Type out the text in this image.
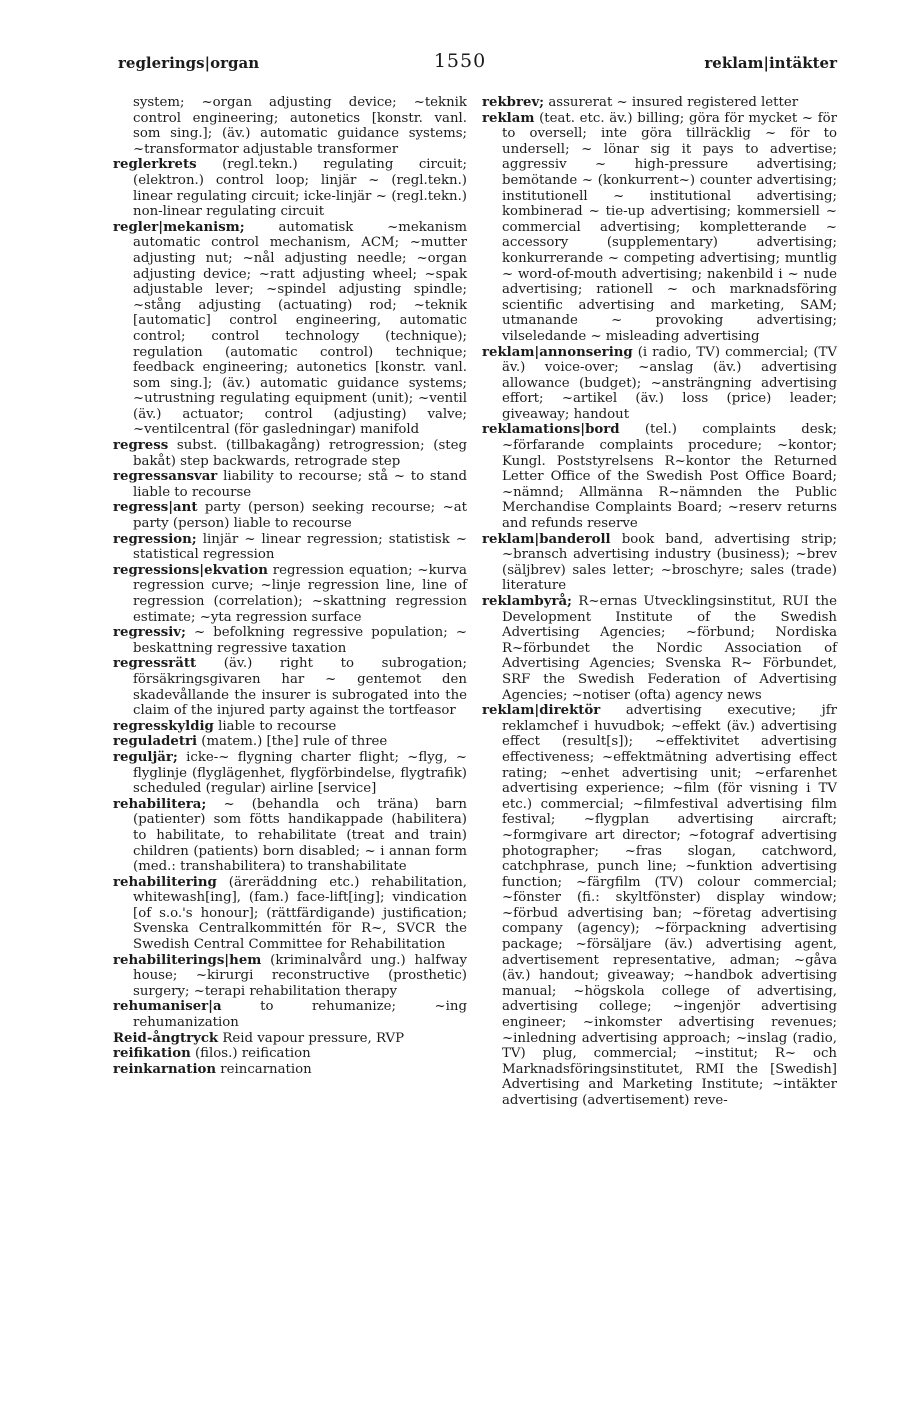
reglerings|organ	1550	reklam|intäkter

system; ~organ adjusting device; ~teknik control engineering; autonetics [konstr. vanl. som sing.]; (äv.) automatic guidance systems; ~transformator adjustable transformer

reglerkrets (regl.tekn.) regulating circuit; (elektron.) control loop; linjär ~ (regl.tekn.) linear regulating circuit; icke-linjär ~ (regl.tekn.) non-linear regulating circuit

regler|mekanism;	automatisk ~mekanism automatic control mechanism, ACM; ~mutter adjusting nut; ~nål adjusting needle; ~organ adjusting device; ~ratt adjusting wheel; ~spak adjustable lever; ~spindel adjusting spindle; ~stång adjusting (actuating) rod; ~teknik [automatic] control engineering, automatic control; control technology (technique); regulation (automatic control) technique; feedback engineering; autonetics [konstr. vanl. som sing.]; (äv.) automatic guidance systems; ~utrustning regulating equipment (unit); ~ventil (äv.) actuator; control (adjusting) valve; ~ventilcentral (för gasledningar) manifold

regress subst. (tillbakagång) retrogression; (steg bakåt) step backwards, retrograde step

regressansvar liability to recourse; stå ~ to stand liable to recourse

regress|ant party (person) seeking recourse; ~at party (person) liable to recourse

regression; linjär ~ linear regression; statistisk ~ statistical regression

regressions|ekvation regression equation; ~kurva regression curve; ~linje regression line, line of regression (correlation); ~skattning regression estimate; ~yta regression surface

regressiv; ~ befolkning regressive population; ~ beskattning regressive taxation

regressrätt (äv.) right to subrogation; försäkringsgivaren har ~ gentemot den skadevållande the insurer is subrogated into the claim of the injured party against the tortfeasor

regresskyldig liable to recourse

reguladetri (matem.) [the] rule of three

reguljär; icke-~ flygning charter flight; ~flyg, ~ flyglinje (flyglägenhet, flygförbindelse, flygtrafik) scheduled (regular) airline [service]

rehabilitera; ~ (behandla och träna) barn (patienter) som fötts handikappade (habilitera) to habilitate, to rehabilitate (treat and train) children (patients) born disabled; ~ i annan form (med.: transhabilitera) to transhabilitate

rehabilitering (äreräddning etc.) rehabilitation, whitewash[ing], (fam.) face-lift[ing]; vindication [of s.o.'s honour]; (rättfärdigande) justification; Svenska Centralkommittén för R~, SVCR the Swedish Central Committee for Rehabilitation

rehabiliterings|hem (kriminalvård ung.) halfway house; ~kirurgi reconstructive (prosthetic) surgery; ~terapi rehabilitation therapy

rehumaniser|a	to rehumanize; ~ing rehumanization

Reid-ångtryck Reid vapour pressure, RVP

reifikation (filos.) reification

reinkarnation reincarnation

rekbrev; assurerat ~ insured registered letter

reklam (teat. etc. äv.) billing; göra för mycket ~ för to oversell; inte göra tillräcklig ~ för to undersell; ~ lönar sig it pays to advertise; aggressiv ~ high-pressure advertising; bemötande ~ (konkurrent~) counter advertising; institutionell ~ institutional advertising; kombinerad ~ tie-up advertising; kommersiell ~ commercial advertising; kompletterande ~ accessory (supplementary) advertising; konkurrerande ~ competing advertising; muntlig ~ word-of-mouth advertising; nakenbild i ~ nude advertising; rationell ~ och marknadsföring scientific advertising and marketing, SAM; utmanande ~ provoking advertising; vilseledande ~ misleading advertising

reklam|annonsering (i radio, TV) commercial; (TV äv.) voice-over; ~anslag (äv.) advertising allowance (budget); ~ansträngning advertising effort; ~artikel (äv.) loss (price) leader; giveaway; handout

reklamations|bord (tel.) complaints desk; ~förfarande complaints procedure; ~kontor; Kungl. Poststyrelsens R~kontor the Returned Letter Office of the Swedish Post Office Board; ~nämnd; Allmänna R~nämnden the Public Merchandise Complaints Board; ~reserv returns and refunds reserve

reklam|banderoll book band, advertising strip; ~bransch advertising industry (business); ~brev (säljbrev) sales letter; ~broschyre; sales (trade) literature

reklambyrå; R~ernas Utvecklingsinstitut, RUI the Development Institute of the Swedish Advertising Agencies; ~förbund; Nordiska R~förbundet the Nordic Association of Advertising Agencies; Svenska R~ Förbundet, SRF the Swedish Federation of Advertising Agencies; ~notiser (ofta) agency news

reklam|direktör advertising executive; jfr reklamchef i huvudbok; ~effekt (äv.) advertising effect (result[s]); ~effektivitet advertising effectiveness; ~effektmätning advertising effect rating; ~enhet advertising unit; ~erfarenhet advertising experience; ~film (för visning i TV etc.) commercial; ~filmfestival advertising film festival; ~flygplan advertising aircraft; ~formgivare art director; ~fotograf advertising photographer; ~fras slogan, catchword, catchphrase, punch line; ~funktion advertising function; ~färgfilm (TV) colour commercial; ~fönster (fi.: skyltfönster) display window; ~förbud advertising ban; ~företag advertising company (agency); ~förpackning advertising package; ~försäljare (äv.) advertising agent, advertisement representative, adman; ~gåva (äv.) handout; giveaway; ~handbok advertising manual; ~högskola college of advertising, advertising college; ~ingenjör advertising engineer; ~inkomster advertising revenues; ~inledning advertising approach; ~inslag (radio, TV) plug, commercial; ~institut; R~ och Marknadsföringsinstitutet, RMI the [Swedish] Advertising and Marketing Institute; ~intäkter advertising (advertisement) reve-
